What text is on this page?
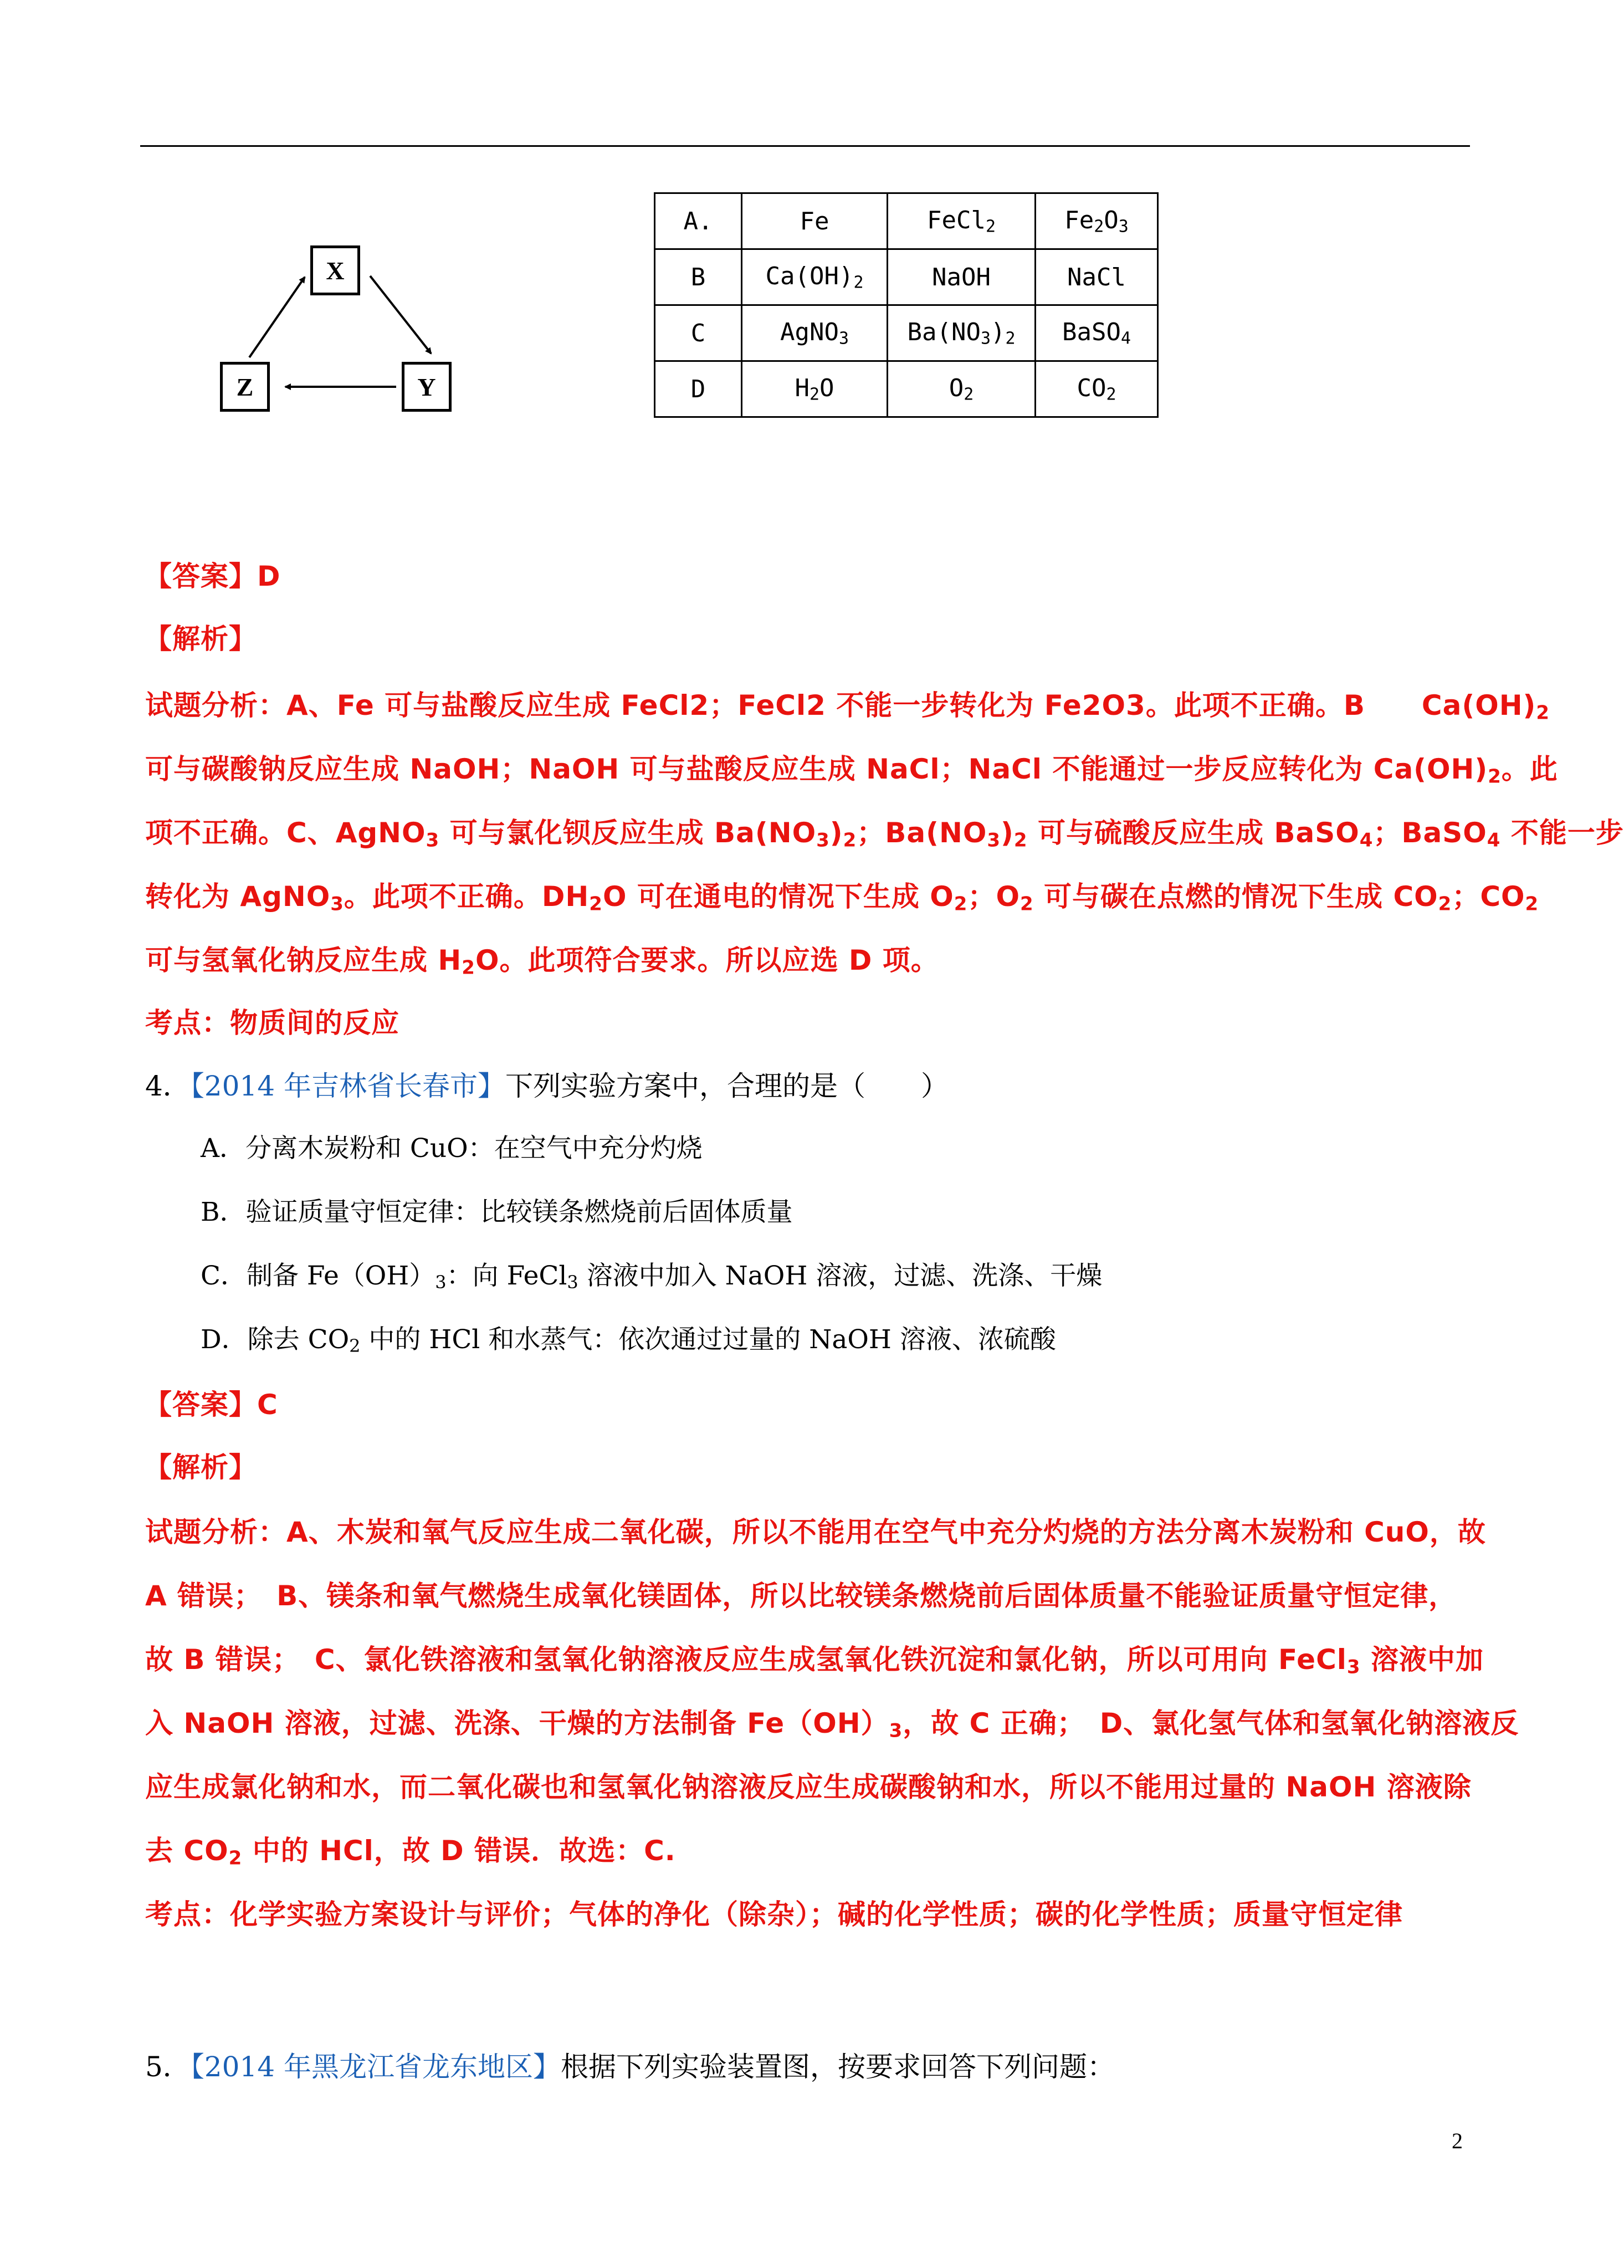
X
Y
Z
A.	Fe	FeCl$_2$	$Fe_2O_3$
B	$Ca(OH)_2$	NaOH	NaCl
C	AgNO$_3$	$Ba(NO_3)_2$	BaSO$_4$
D	$H_2O$	$O_2$	$CO_2$
【答案】D
【解析】
试题分析：A、Fe 可与盐酸反应生成 FeCl2；FeCl2 不能一步转化为 Fe2O3。此项不正确。B　　$Ca(OH)_2$
可与碳酸钠反应生成 NaOH；NaOH 可与盐酸反应生成 NaCl；NaCl 不能通过一步反应转化为 $Ca(OH)_2$。此
项不正确。C、AgNO$_3$ 可与氯化钡反应生成 $Ba(NO_3)_2$；$Ba(NO_3)_2$ 可与硫酸反应生成 BaSO$_4$；BaSO$_4$ 不能一步
转化为 AgNO$_3$。此项不正确。$DH_2O$ 可在通电的情况下生成 $O_2$；$O_2$ 可与碳在点燃的情况下生成 $CO_2$；$CO_2$
可与氢氧化钠反应生成 $H_2O$。此项符合要求。所以应选 D 项。
考点：物质间的反应
4．【2014 年吉林省长春市】下列实验方案中，合理的是（　　）
A．分离木炭粉和 CuO：在空气中充分灼烧
B．验证质量守恒定律：比较镁条燃烧前后固体质量
C．制备 $Fe(OH)_3$：向 FeCl$_3$ 溶液中加入 NaOH 溶液，过滤、洗涤、干燥
D．除去 $CO_2$ 中的 HCl 和水蒸气：依次通过过量的 NaOH 溶液、浓硫酸
【答案】C
【解析】
试题分析：A、木炭和氧气反应生成二氧化碳，所以不能用在空气中充分灼烧的方法分离木炭粉和 CuO，故
A 错误；　B、镁条和氧气燃烧生成氧化镁固体，所以比较镁条燃烧前后固体质量不能验证质量守恒定律，
故 B 错误；　C、氯化铁溶液和氢氧化钠溶液反应生成氢氧化铁沉淀和氯化钠，所以可用向 FeCl$_3$ 溶液中加
入 NaOH 溶液，过滤、洗涤、干燥的方法制备 $Fe(OH)_3$，故 C 正确；　D、氯化氢气体和氢氧化钠溶液反
应生成氯化钠和水，而二氧化碳也和氢氧化钠溶液反应生成碳酸钠和水，所以不能用过量的 NaOH 溶液除
去 $CO_2$ 中的 HCl，故 D 错误．故选：C.
考点：化学实验方案设计与评价；气体的净化（除杂）；碱的化学性质；碳的化学性质；质量守恒定律
5．【2014 年黑龙江省龙东地区】根据下列实验装置图，按要求回答下列问题：
2
